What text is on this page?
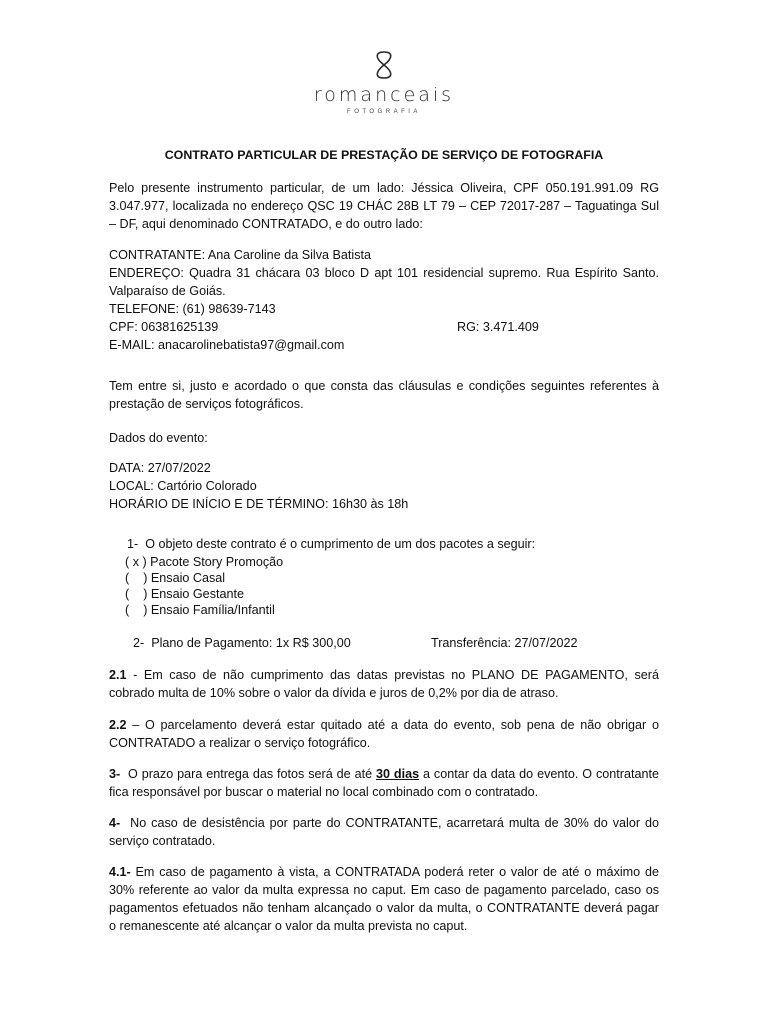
romanceais
FOTOGRAFIA
CONTRATO PARTICULAR DE PRESTAÇÃO DE SERVIÇO DE FOTOGRAFIA

Pelo presente instrumento particular, de um lado: Jéssica Oliveira, CPF 050.191.991.09 RG 3.047.977, localizada no endereço QSC 19 CHÁC 28B LT 79 – CEP 72017-287 – Taguatinga Sul – DF, aqui denominado CONTRATADO, e do outro lado:

CONTRATANTE: Ana Caroline da Silva Batista
ENDEREÇO: Quadra 31 chácara 03 bloco D apt 101 residencial supremo. Rua Espírito Santo. Valparaíso de Goiás.
TELEFONE: (61) 98639-7143
CPF: 06381625139	RG: 3.471.409
E-MAIL: anacarolinebatista97@gmail.com

Tem entre si, justo e acordado o que consta das cláusulas e condições seguintes referentes à prestação de serviços fotográficos.

Dados do evento:
DATA: 27/07/2022
LOCAL: Cartório Colorado
HORÁRIO DE INÍCIO E DE TÉRMINO: 16h30 às 18h
1- O objeto deste contrato é o cumprimento de um dos pacotes a seguir:
( x ) Pacote Story Promoção
(    ) Ensaio Casal
(    ) Ensaio Gestante
(    ) Ensaio Família/Infantil
2- Plano de Pagamento: 1x R$ 300,00	Transferência: 27/07/2022

2.1 - Em caso de não cumprimento das datas previstas no PLANO DE PAGAMENTO, será cobrado multa de 10% sobre o valor da dívida e juros de 0,2% por dia de atraso.

2.2 – O parcelamento deverá estar quitado até a data do evento, sob pena de não obrigar o CONTRATADO a realizar o serviço fotográfico.

3-  O prazo para entrega das fotos será de até 30 dias a contar da data do evento. O contratante fica responsável por buscar o material no local combinado com o contratado.

4-  No caso de desistência por parte do CONTRATANTE, acarretará multa de 30% do valor do serviço contratado.

4.1- Em caso de pagamento à vista, a CONTRATADA poderá reter o valor de até o máximo de 30% referente ao valor da multa expressa no caput. Em caso de pagamento parcelado, caso os pagamentos efetuados não tenham alcançado o valor da multa, o CONTRATANTE deverá pagar o remanescente até alcançar o valor da multa prevista no caput.
